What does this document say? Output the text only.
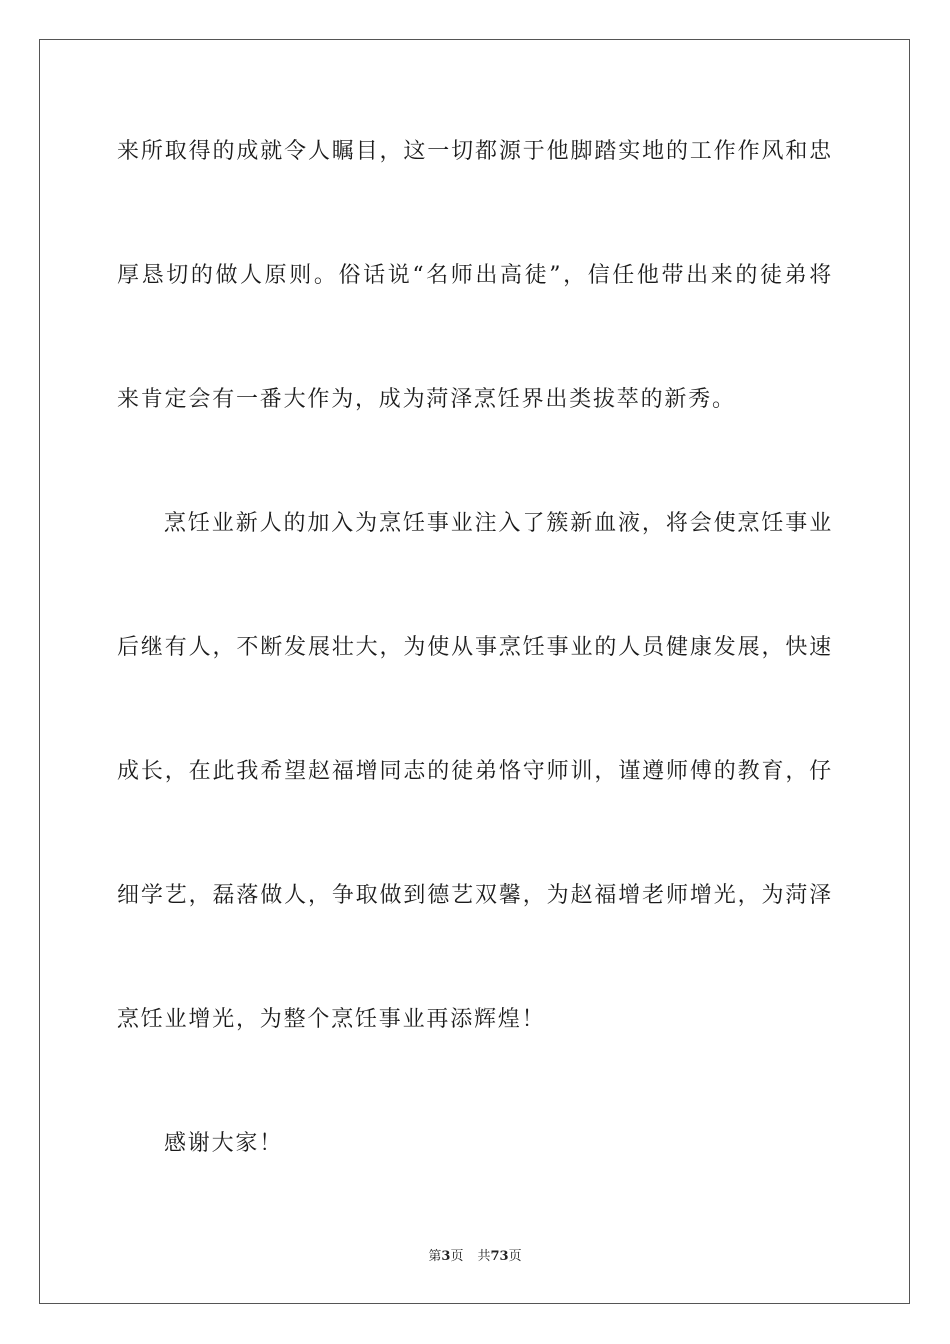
来所取得的成就令人瞩目，这一切都源于他脚踏实地的工作作风和忠
厚恳切的做人原则。俗话说“名师出高徒”，信任他带出来的徒弟将
来肯定会有一番大作为，成为菏泽烹饪界出类拔萃的新秀。
烹饪业新人的加入为烹饪事业注入了簇新血液，将会使烹饪事业
后继有人，不断发展壮大，为使从事烹饪事业的人员健康发展，快速
成长，在此我希望赵福增同志的徒弟恪守师训，谨遵师傅的教育，仔
细学艺，磊落做人，争取做到德艺双馨，为赵福增老师增光，为菏泽
烹饪业增光，为整个烹饪事业再添辉煌！
感谢大家！
第3页 共73页
